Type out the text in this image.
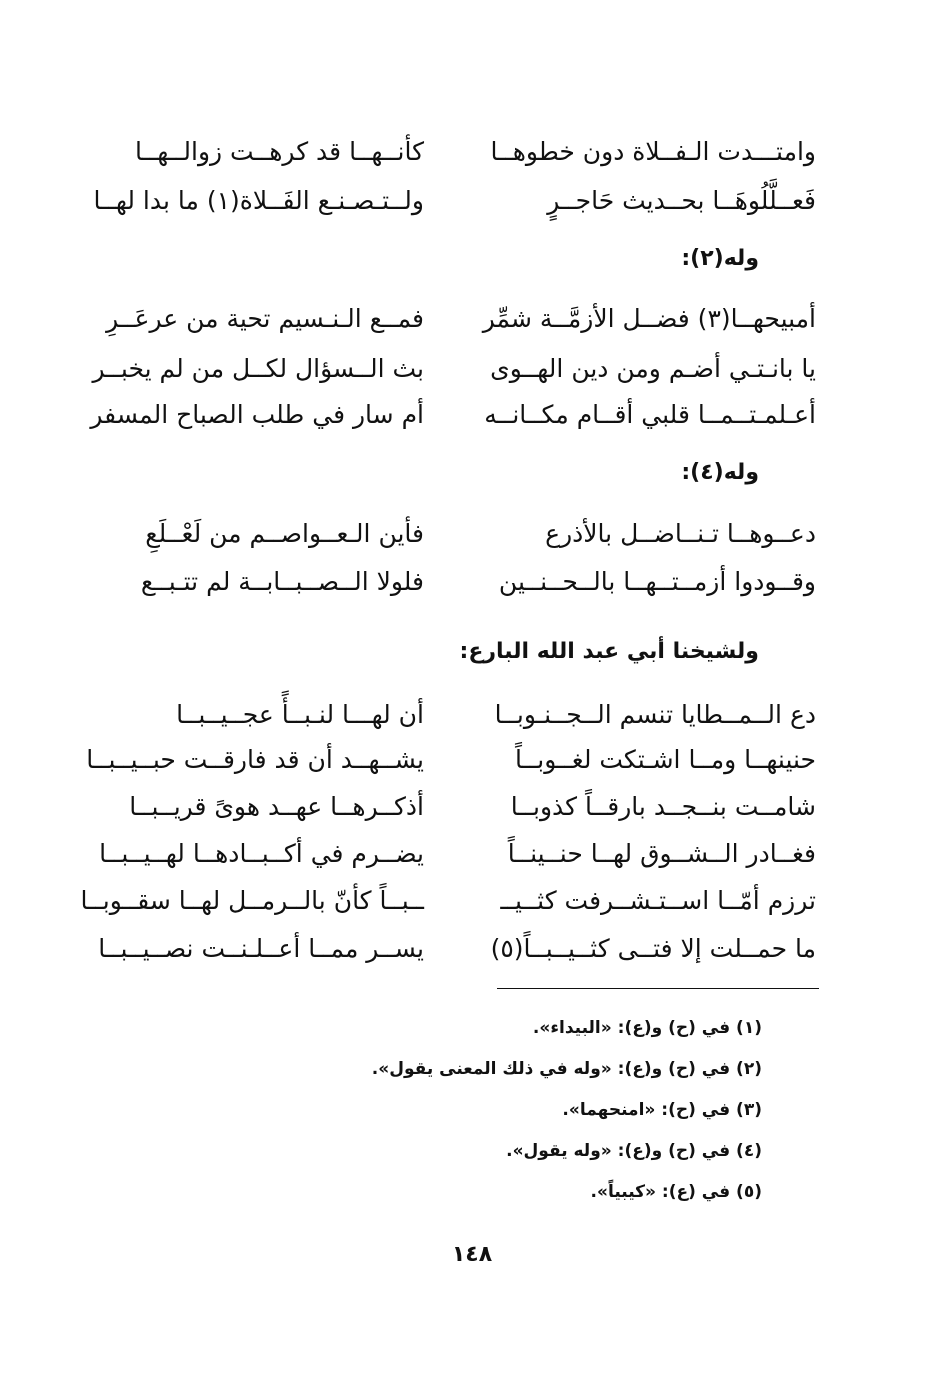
وامتـــدت الـفــلاة دون خطوهــا
كأنــهــا قد كرهــت زوالــهــا
فَعــلَّلُوهَــا بحــديث حَاجــرٍ
ولــتـصـنـع الفَــلاة(١) ما بدا لهــا
وله(٢):
أمبيحهــا(٣) فضــل الأزمَّــة شمِّر
فمــع الـنـسيم تحية من عرعَــرِ
يا بانـتـي أضـم ومن دين الهــوى
بث الــسؤال لكــل من لم يخبــر
أعـلمـتــمــا قلبي أقــام مكــانــه
أم سار في طلب الصباح المسفر
وله(٤):
دعــوهــا تـنــاضــل بالأذرع
فأين الـعــواصــم من لَعْــلَعِ
وقــودوا أزمــتــهــا بالــحــنــين
فلولا الــصــبــابــة لم تتـبــع
ولشيخنا أبي عبد الله البارع:
دع الــمــطايا تنسم الــجــنـوبــا
أن لهـــا لنـبــأً عجــيــبــا
حنينهــا ومــا اشـتكت لغــوبــاً
يشــهــد أن قد فارقــت حبــيــبــا
شامــت بنــجــد بارقــاً كذوبــا
أذكــرهــا عهــد هوىً قريــبــا
فغــادر الــشــوق لهــا حنــينــاً
يضــرم في أكــبــادهــا لهــيــبــا
ترزم أمّــا اســتـشــرفت كثــيــ
ــبــاً كأنّ بالــرمــل لهــا سقــوبــا
ما حمــلت إلا فتــى كثــيــبــاً(٥)
يســر ممــا أعــلـنــت نصــيــبــا
(١) في (ح) و(ع): «البيداء».
(٢) في (ح) و(ع): «وله في ذلك المعنى يقول».
(٣) في (ح): «امنحهما».
(٤) في (ح) و(ع): «وله يقول».
(٥) في (ع): «كيبياً».
١٤٨
